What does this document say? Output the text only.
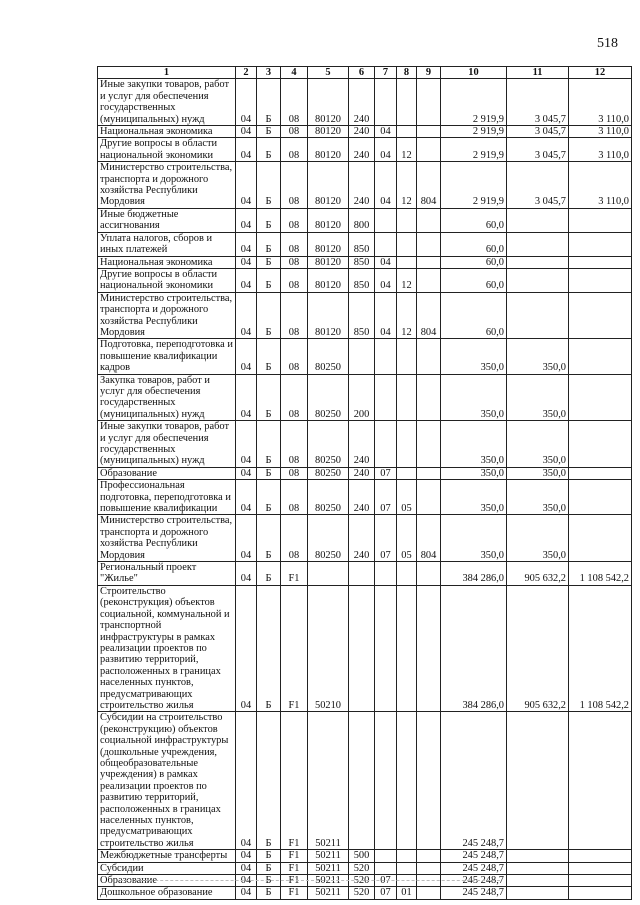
518
1	2	3	4	5	6	7	8	9	10	11	12
Иные закупки товаров, работ и услуг для обеспечения государственных (муниципальных) нужд	04	Б	08	80120	240				2 919,9	3 045,7	3 110,0
Национальная экономика	04	Б	08	80120	240	04			2 919,9	3 045,7	3 110,0
Другие вопросы в области национальной экономики	04	Б	08	80120	240	04	12		2 919,9	3 045,7	3 110,0
Министерство строительства, транспорта и дорожного хозяйства Республики Мордовия	04	Б	08	80120	240	04	12	804	2 919,9	3 045,7	3 110,0
Иные бюджетные ассигнования	04	Б	08	80120	800				60,0		
Уплата налогов, сборов и иных платежей	04	Б	08	80120	850				60,0		
Национальная экономика	04	Б	08	80120	850	04			60,0		
Другие вопросы в области национальной экономики	04	Б	08	80120	850	04	12		60,0		
Министерство строительства, транспорта и дорожного хозяйства Республики Мордовия	04	Б	08	80120	850	04	12	804	60,0		
Подготовка, переподготовка и повышение квалификации кадров	04	Б	08	80250					350,0	350,0	
Закупка товаров, работ и услуг для обеспечения государственных (муниципальных) нужд	04	Б	08	80250	200				350,0	350,0	
Иные закупки товаров, работ и услуг для обеспечения государственных (муниципальных) нужд	04	Б	08	80250	240				350,0	350,0	
Образование	04	Б	08	80250	240	07			350,0	350,0	
Профессиональная подготовка, переподготовка и повышение квалификации	04	Б	08	80250	240	07	05		350,0	350,0	
Министерство строительства, транспорта и дорожного хозяйства Республики Мордовия	04	Б	08	80250	240	07	05	804	350,0	350,0	
Региональный проект "Жилье"	04	Б	F1						384 286,0	905 632,2	1 108 542,2
Строительство (реконструкция) объектов социальной, коммунальной и транспортной инфраструктуры в рамках реализации проектов по развитию территорий, расположенных в границах населенных пунктов, предусматривающих строительство жилья	04	Б	F1	50210					384 286,0	905 632,2	1 108 542,2
Субсидии на строительство (реконструкцию) объектов социальной инфраструктуры (дошкольные учреждения, общеобразовательные учреждения) в рамках реализации проектов по развитию территорий, расположенных в границах населенных пунктов, предусматривающих строительство жилья	04	Б	F1	50211					245 248,7		
Межбюджетные трансферты	04	Б	F1	50211	500				245 248,7		
Субсидии	04	Б	F1	50211	520				245 248,7		
Образование	04	Б	F1	50211	520	07			245 248,7		
Дошкольное образование	04	Б	F1	50211	520	07	01		245 248,7		
